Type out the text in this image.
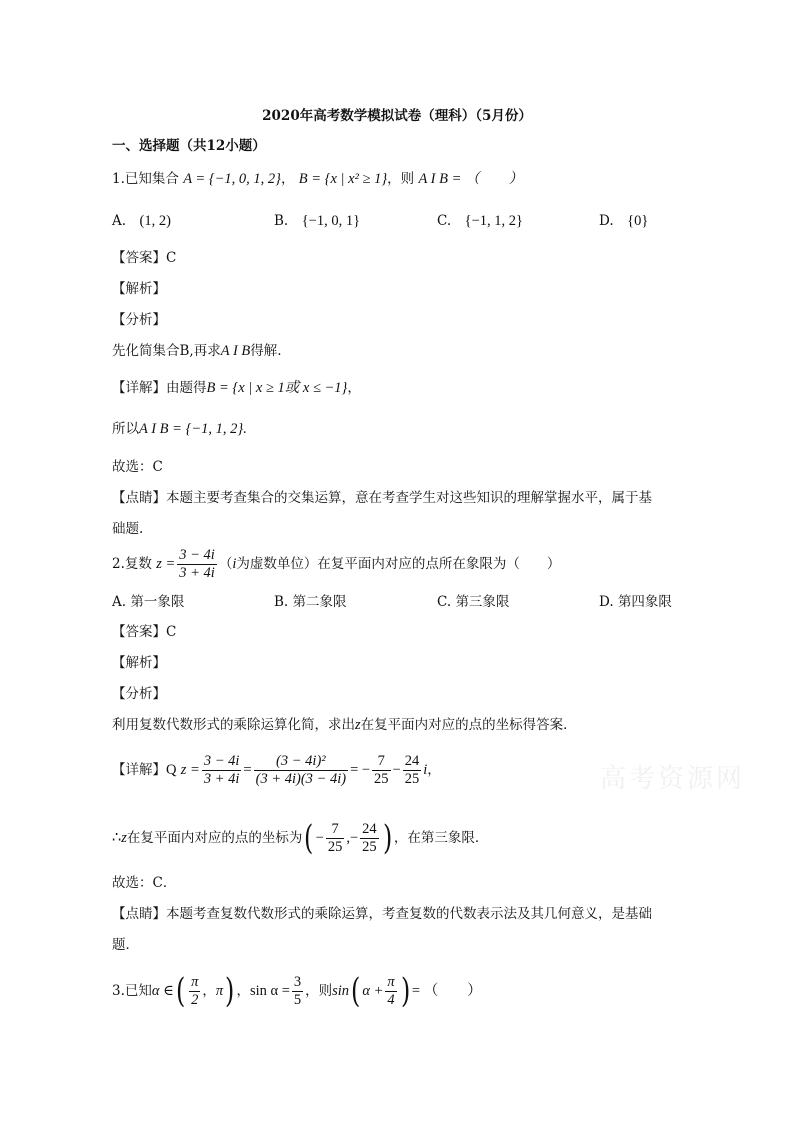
2020年高考数学模拟试卷（理科）（5月份）
一、选择题（共12小题）
1.已知集合 A = {−1, 0, 1, 2}， B = {x | x² ≥ 1}，则 A I B = （　　）
A.　 (1, 2)	B.　 {−1, 0, 1}	C.　 {−1, 1, 2}	D.　 {0}
【答案】C
【解析】
【分析】
先化简集合B,再求A I B得解.
【详解】由题得B = {x | x ≥ 1或 x ≤ −1}，
所以A I B = {−1, 1, 2}.
故选：C
【点睛】本题主要考查集合的交集运算，意在考查学生对这些知识的理解掌握水平，属于基
础题.
2. 复数
$z = \frac{3 - 4i}{3 + 4i}$ （ i 为虚数单位）在复平面内对应的点所在象限为（　　）
A. 第一象限	B. 第二象限	C. 第三象限	D. 第四象限
【答案】C
【解析】
【分析】
利用复数代数形式的乘除运算化简，求出z在复平面内对应的点的坐标得答案．
【详解】 Q
$z = \frac{3 - 4i}{3 + 4i} = \frac{\text{(3 − 4i)²}}{(3 + 4i)(3 - 4i)}$ = − $\frac{7}{25} - \frac{24}{25}$ i ，
∴ z 在复平面内对应的点的坐标为 ( − $\frac{7}{25}$ ,− $\frac{24}{25}$ ) ，在第三象限．
故选：C．
【点睛】本题考查复数代数形式的乘除运算，考查复数的代数表示法及其几何意义，是基础
题．
3. 已知 α ∈ ( $\frac{\pi}{2}$ ， π ) ， $\sin \alpha = \frac{3}{5}$ ，则 sin ( $\alpha + \frac{\pi}{4}$ ) = （　　）
高考资源网
